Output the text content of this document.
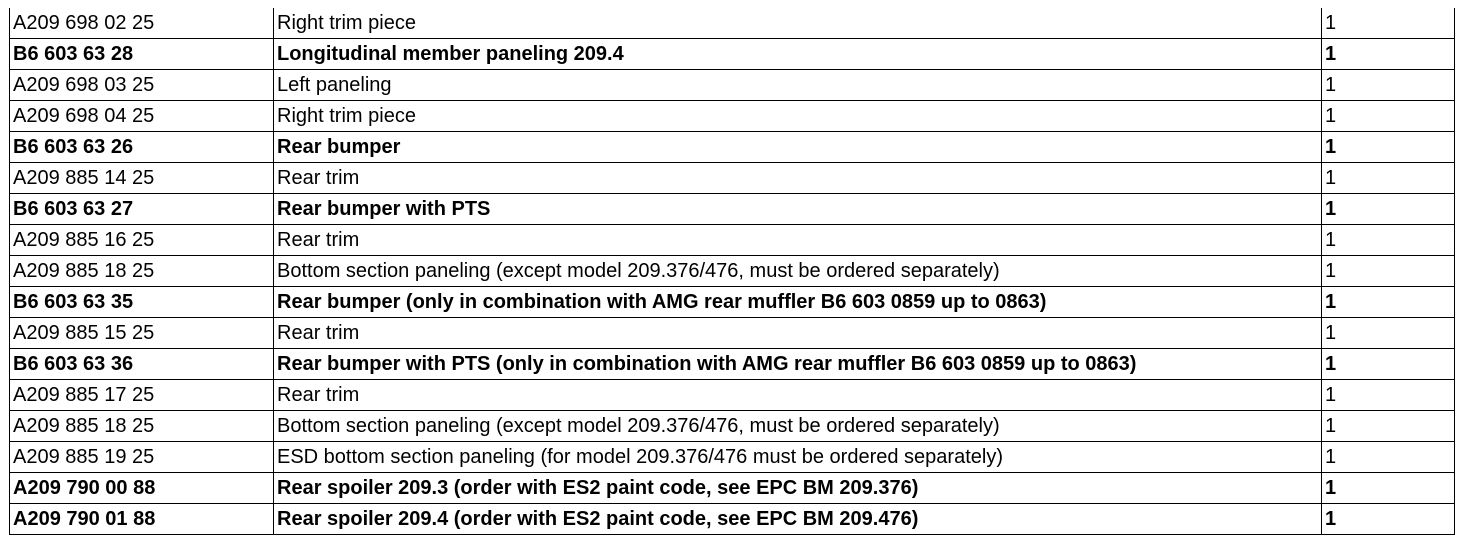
A209 698 02 25	Right trim piece	1
B6 603 63 28	Longitudinal member paneling 209.4	1
A209 698 03 25	Left paneling	1
A209 698 04 25	Right trim piece	1
B6 603 63 26	Rear bumper	1
A209 885 14 25	Rear trim	1
B6 603 63 27	Rear bumper with PTS	1
A209 885 16 25	Rear trim	1
A209 885 18 25	Bottom section paneling (except model 209.376/476, must be ordered separately)	1
B6 603 63 35	Rear bumper (only in combination with AMG rear muffler B6 603 0859 up to 0863)	1
A209 885 15 25	Rear trim	1
B6 603 63 36	Rear bumper with PTS (only in combination with AMG rear muffler B6 603 0859 up to 0863)	1
A209 885 17 25	Rear trim	1
A209 885 18 25	Bottom section paneling (except model 209.376/476, must be ordered separately)	1
A209 885 19 25	ESD bottom section paneling (for model 209.376/476 must be ordered separately)	1
A209 790 00 88	Rear spoiler 209.3 (order with ES2 paint code, see EPC BM 209.376)	1
A209 790 01 88	Rear spoiler 209.4 (order with ES2 paint code, see EPC BM 209.476)	1
